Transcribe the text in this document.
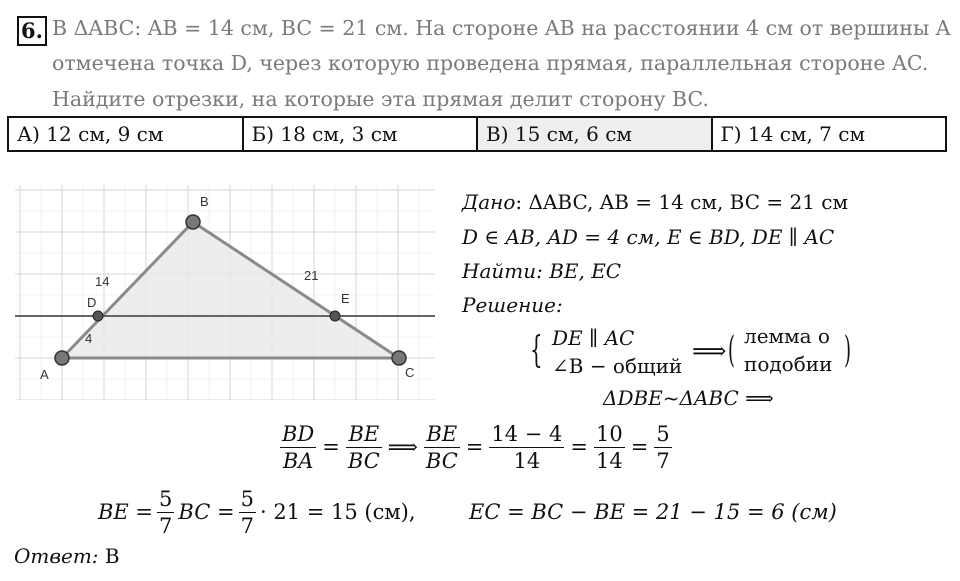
6. В ΔABC: AB = 14 см, BC = 21 см. На стороне AB на расстоянии 4 см от вершины A
отмечена точка D, через которую проведена прямая, параллельная стороне AC.
Найдите отрезки, на которые эта прямая делит сторону BC.
А) 12 см, 9 см	Б) 18 см, 3 см	В) 15 см, 6 см	Г) 14 см, 7 см
A
B
C
D	E
14
4
21
Дано: ΔABC, AB = 14 см, BC = 21 см
D ∈ AB, AD = 4 см, E ∈ BD, DE ∥ AC
Найти: BE, EC
Решение:
{ DE ∥ AC
∠B − общий
⟹ (	)
лемма о
подобии
ΔDBE~ΔABC ⟹
$\frac{BD}{BA} = \frac{BE}{BC}$ ⟹ $\frac{BE}{BC} = \frac{14 - 4}{14} = \frac{10}{14} = \frac{5}{7}$
BE = $\frac{5}{7}$ BC = $\frac{5}{7} \cdot 21 = 15$ (см),	EC = BC − BE = 21 − 15 = 6 (см)
Ответ: В
